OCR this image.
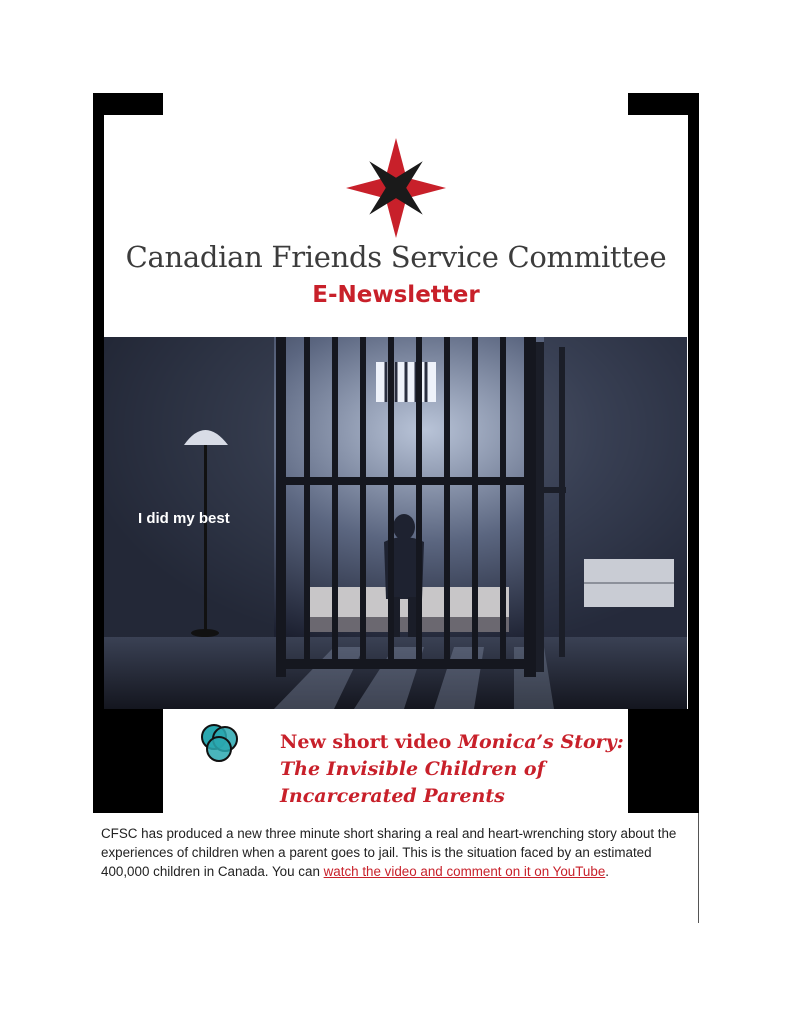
Canadian Friends Service Committee
E-Newsletter
I did my best
New short video Monica’s Story: The Invisible Children of Incarcerated Parents
CFSC has produced a new three minute short sharing a real and heart-wrenching story about the experiences of children when a parent goes to jail. This is the situation faced by an estimated 400,000 children in Canada. You can watch the video and comment on it on YouTube.
